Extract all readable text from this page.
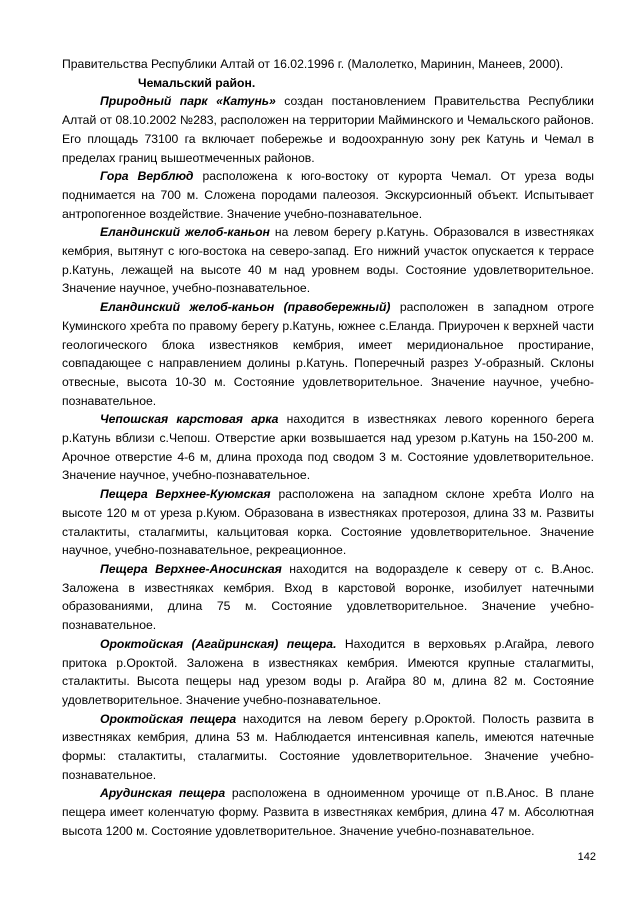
Правительства Республики Алтай от 16.02.1996 г. (Малолетко, Маринин, Манеев, 2000).

Чемальский район.

Природный парк «Катунь» создан постановлением Правительства Республики Алтай от 08.10.2002 №283, расположен на территории Майминского и Чемальского районов. Его площадь 73100 га включает побережье и водоохранную зону рек Катунь и Чемал в пределах границ вышеотмеченных районов.

Гора Верблюд расположена к юго-востоку от курорта Чемал. От уреза воды поднимается на 700 м. Сложена породами палеозоя. Экскурсионный объект. Испытывает антропогенное воздействие. Значение учебно-познавательное.

Еландинский желоб-каньон на левом берегу р.Катунь. Образовался в известняках кембрия, вытянут с юго-востока на северо-запад. Его нижний участок опускается к террасе р.Катунь, лежащей на высоте 40 м над уровнем воды. Состояние удовлетворительное. Значение научное, учебно-познавательное.

Еландинский желоб-каньон (правобережный) расположен в западном отроге Куминского хребта по правому берегу р.Катунь, южнее с.Еланда. Приурочен к верхней части геологического блока известняков кембрия, имеет меридиональное простирание, совпадающее с направлением долины р.Катунь. Поперечный разрез У-образный. Склоны отвесные, высота 10-30 м. Состояние удовлетворительное. Значение научное, учебно-познавательное.

Чепошская карстовая арка находится в известняках левого коренного берега р.Катунь вблизи с.Чепош. Отверстие арки возвышается над урезом р.Катунь на 150-200 м. Арочное отверстие 4-6 м, длина прохода под сводом 3 м. Состояние удовлетворительное. Значение научное, учебно-познавательное.

Пещера Верхнее-Куюмская расположена на западном склоне хребта Иолго на высоте 120 м от уреза р.Куюм. Образована в известняках протерозоя, длина 33 м. Развиты сталактиты, сталагмиты, кальцитовая корка. Состояние удовлетворительное. Значение научное, учебно-познавательное, рекреационное.

Пещера Верхнее-Аносинская находится на водоразделе к северу от с. В.Анос. Заложена в известняках кембрия. Вход в карстовой воронке, изобилует натечными образованиями, длина 75 м. Состояние удовлетворительное. Значение учебно-познавательное.

Ороктойская (Агайринская) пещера. Находится в верховьях р.Агайра, левого притока р.Ороктой. Заложена в известняках кембрия. Имеются крупные сталагмиты, сталактиты. Высота пещеры над урезом воды р. Агайра 80 м, длина 82 м. Состояние удовлетворительное. Значение учебно-познавательное.

Ороктойская пещера находится на левом берегу р.Ороктой. Полость развита в известняках кембрия, длина 53 м. Наблюдается интенсивная капель, имеются натечные формы: сталактиты, сталагмиты. Состояние удовлетворительное. Значение учебно-познавательное.

Арудинская пещера расположена в одноименном урочище от п.В.Анос. В плане пещера имеет коленчатую форму. Развита в известняках кембрия, длина 47 м. Абсолютная высота 1200 м. Состояние удовлетворительное. Значение учебно-познавательное.

142
